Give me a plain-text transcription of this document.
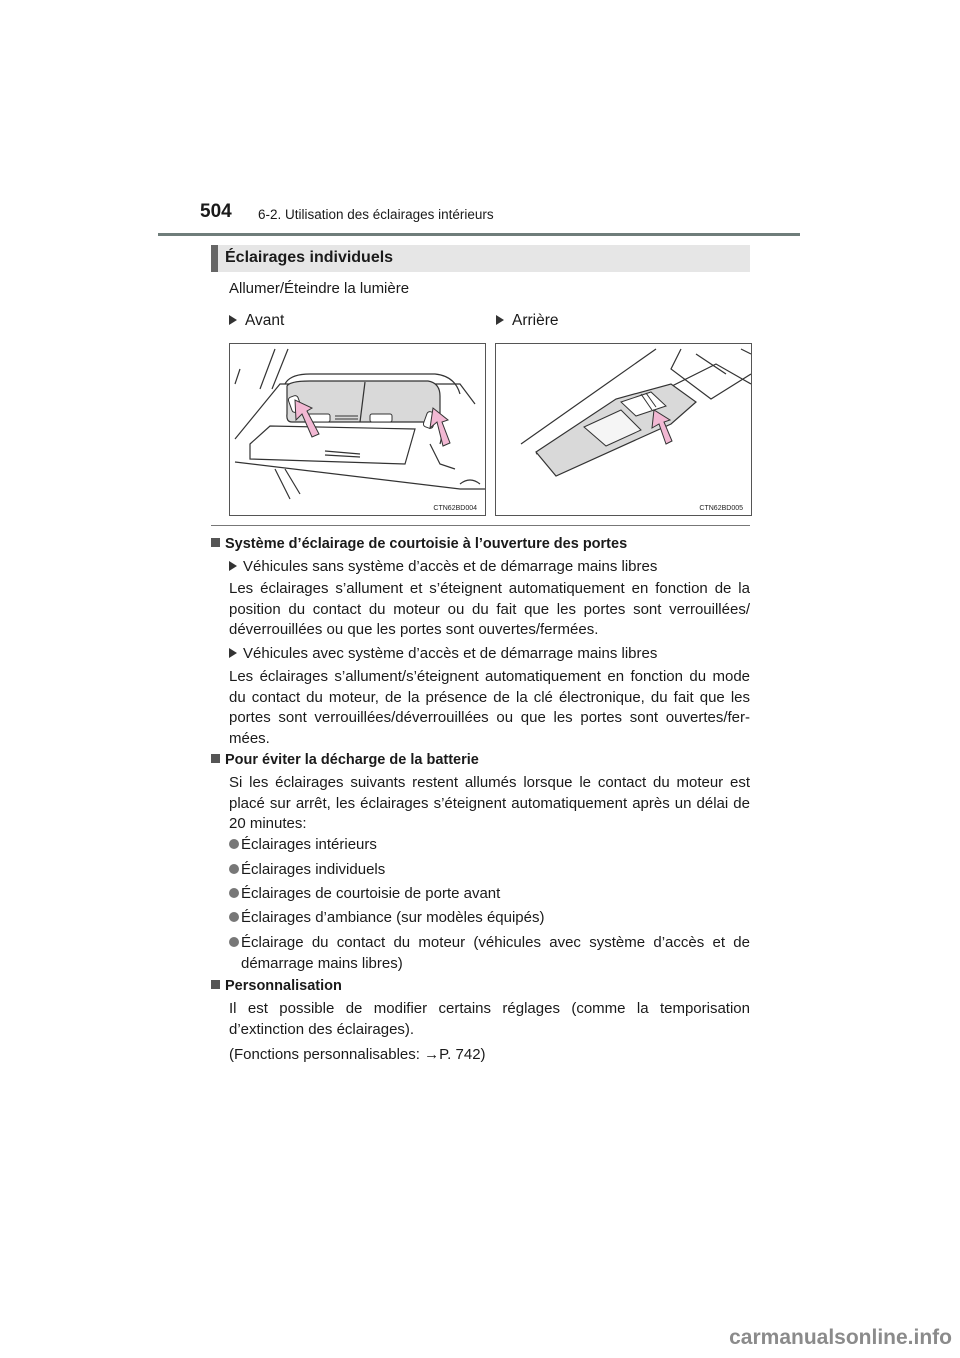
504 6-2. Utilisation des éclairages intérieurs
Éclairages individuels
Allumer/Éteindre la lumière
Avant	Arrière
CTN62BD004	CTN62BD005
Système d’éclairage de courtoisie à l’ouverture des portes
Véhicules sans système d’accès et de démarrage mains libres
Les éclairages s’allument et s’éteignent automatiquement en fonction de la position du contact du moteur ou du fait que les portes sont verrouillées/ déverrouillées ou que les portes sont ouvertes/fermées.
Véhicules avec système d’accès et de démarrage mains libres
Les éclairages s’allument/s’éteignent automatiquement en fonction du mode du contact du moteur, de la présence de la clé électronique, du fait que les portes sont verrouillées/déverrouillées ou que les portes sont ouvertes/fer- mées.
Pour éviter la décharge de la batterie
Si les éclairages suivants restent allumés lorsque le contact du moteur est placé sur arrêt, les éclairages s’éteignent automatiquement après un délai de 20 minutes:
Éclairages intérieurs
Éclairages individuels
Éclairages de courtoisie de porte avant
Éclairages d’ambiance (sur modèles équipés)
Éclairage du contact du moteur (véhicules avec système d’accès et de démarrage mains libres)
Personnalisation
Il est possible de modifier certains réglages (comme la temporisation d’extinction des éclairages).
(Fonctions personnalisables: →P. 742)
carmanualsonline.info
